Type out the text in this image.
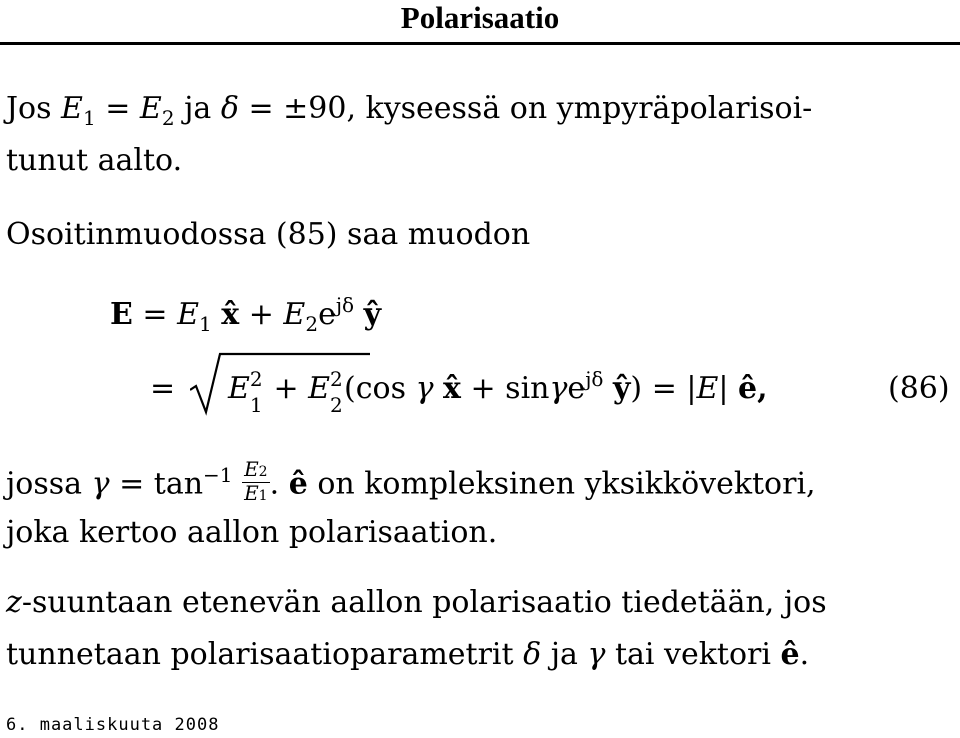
Polarisaatio
Jos $E_1 = E_2$ ja δ = ±90, kyseessä on ympyräpolarisoi-
tunut aalto.
Osoitinmuodossa (85) saa muodon
$E = E_1$ x̂ + $E_2e^{j\delta}$ ŷ
= E 2
1 + E 2
2 (cos γ x̂ + sinγe$^{j\delta}$ ŷ) = |E| ê,	(86)
jossa $\gamma = \tan^{-1} \frac{E2}{E1}$ . ê on kompleksinen yksikkövektori,
joka kertoo aallon polarisaation.
z-suuntaan etenevän aallon polarisaatio tiedetään, jos
tunnetaan polarisaatioparametrit δ ja γ tai vektori ê.
6. maaliskuuta 2008
